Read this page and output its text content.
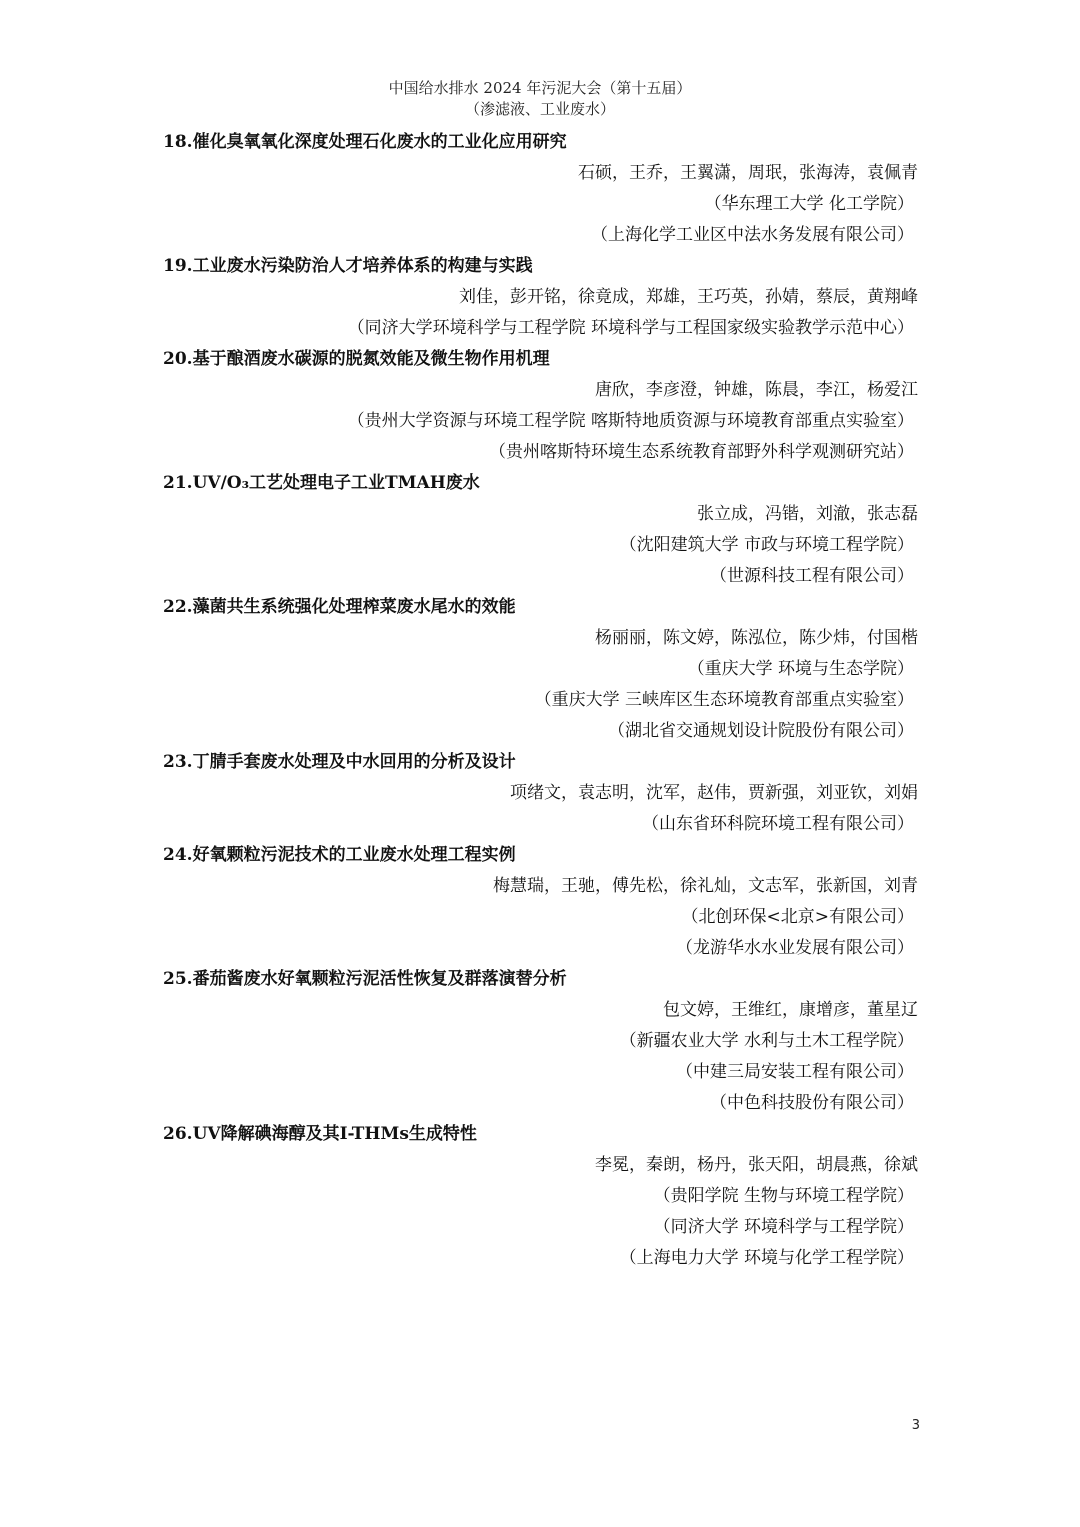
中国给水排水 2024 年污泥大会（第十五届）
（渗滤液、工业废水）
18.催化臭氧氧化深度处理石化废水的工业化应用研究
石硕，王乔，王翼潇，周珉，张海涛，袁佩青
（华东理工大学 化工学院）
（上海化学工业区中法水务发展有限公司）
19.工业废水污染防治人才培养体系的构建与实践
刘佳，彭开铭，徐竟成，郑雄，王巧英，孙婧，蔡辰，黄翔峰
（同济大学环境科学与工程学院 环境科学与工程国家级实验教学示范中心）
20.基于酿酒废水碳源的脱氮效能及微生物作用机理
唐欣，李彦澄，钟雄，陈晨，李江，杨爱江
（贵州大学资源与环境工程学院 喀斯特地质资源与环境教育部重点实验室）
（贵州喀斯特环境生态系统教育部野外科学观测研究站）
21.UV/O₃工艺处理电子工业TMAH废水
张立成，冯锴，刘澈，张志磊
（沈阳建筑大学 市政与环境工程学院）
（世源科技工程有限公司）
22.藻菌共生系统强化处理榨菜废水尾水的效能
杨丽丽，陈文婷，陈泓位，陈少炜，付国楷
（重庆大学 环境与生态学院）
（重庆大学 三峡库区生态环境教育部重点实验室）
（湖北省交通规划设计院股份有限公司）
23.丁腈手套废水处理及中水回用的分析及设计
项绪文，袁志明，沈军，赵伟，贾新强，刘亚钦，刘娟
（山东省环科院环境工程有限公司）
24.好氧颗粒污泥技术的工业废水处理工程实例
梅慧瑞，王驰，傅先松，徐礼灿，文志军，张新国，刘青
（北创环保<北京>有限公司）
（龙游华水水业发展有限公司）
25.番茄酱废水好氧颗粒污泥活性恢复及群落演替分析
包文婷，王维红，康增彦，董星辽
（新疆农业大学 水利与土木工程学院）
（中建三局安装工程有限公司）
（中色科技股份有限公司）
26.UV降解碘海醇及其I-THMs生成特性
李冕，秦朗，杨丹，张天阳，胡晨燕，徐斌
（贵阳学院 生物与环境工程学院）
（同济大学 环境科学与工程学院）
（上海电力大学 环境与化学工程学院）
3
